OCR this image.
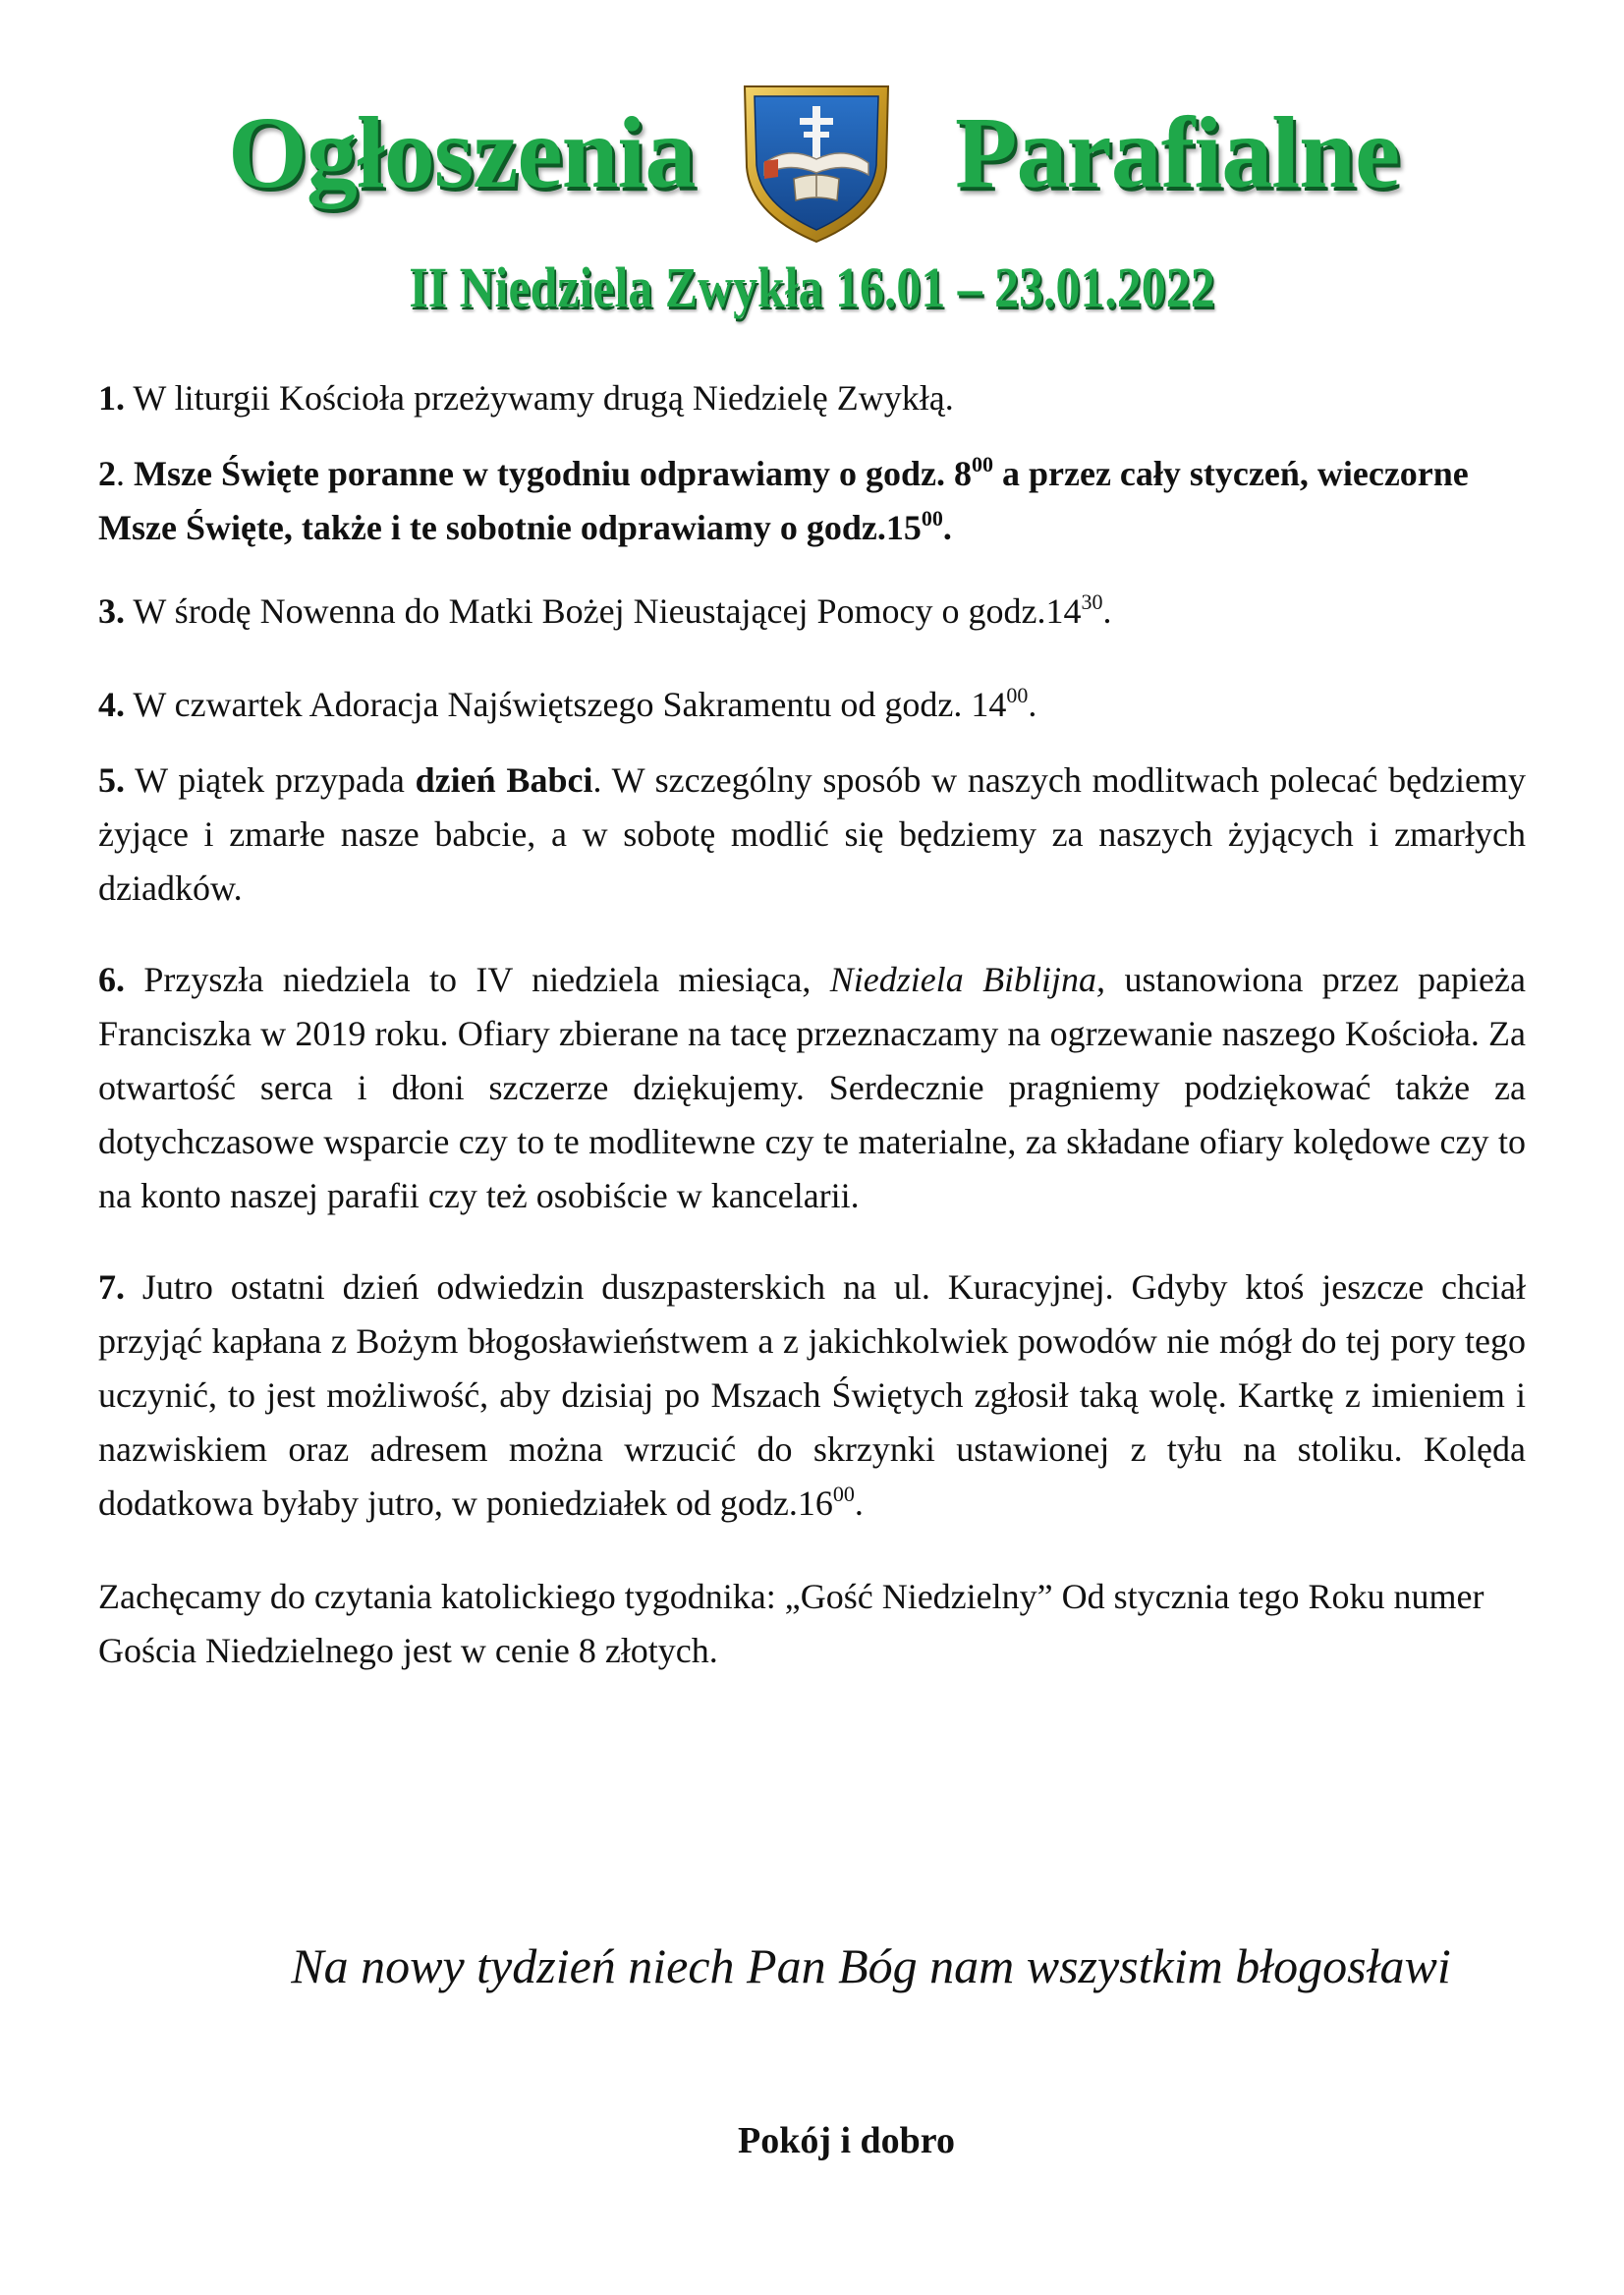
Ogłoszenia	Parafialne
II Niedziela Zwykła 16.01 – 23.01.2022

1. W liturgii Kościoła przeżywamy drugą Niedzielę Zwykłą.

2. Msze Święte poranne w tygodniu odprawiamy o godz. $8^{00}$ a przez cały styczeń, wieczorne Msze Święte, także i te sobotnie odprawiamy o $godz.15^{00}$.

3. W środę Nowenna do Matki Bożej Nieustającej Pomocy o $godz.14^{30}$.

4. W czwartek Adoracja Najświętszego Sakramentu od godz. $14^{00}$.

5. W piątek przypada dzień Babci. W szczególny sposób w naszych modlitwach polecać będziemy żyjące i zmarłe nasze babcie, a w sobotę modlić się będziemy za naszych żyjących i zmarłych dziadków.

6. Przyszła niedziela to IV niedziela miesiąca, Niedziela Biblijna, ustanowiona przez papieża Franciszka w 2019 roku. Ofiary zbierane na tacę przeznaczamy na ogrzewanie naszego Kościoła. Za otwartość serca i dłoni szczerze dziękujemy. Serdecznie pragniemy podziękować także za dotychczasowe wsparcie czy to te modlitewne czy te materialne, za składane ofiary kolędowe czy to na konto naszej parafii czy też osobiście w kancelarii.

7. Jutro ostatni dzień odwiedzin duszpasterskich na ul. Kuracyjnej. Gdyby ktoś jeszcze chciał przyjąć kapłana z Bożym błogosławieństwem a z jakichkolwiek powodów nie mógł do tej pory tego uczynić, to jest możliwość, aby dzisiaj po Mszach Świętych zgłosił taką wolę. Kartkę z imieniem i nazwiskiem oraz adresem można wrzucić do skrzynki ustawionej z tyłu na stoliku. Kolęda dodatkowa byłaby jutro, w poniedziałek od $godz.16^{00}$.

Zachęcamy do czytania katolickiego tygodnika: „Gość Niedzielny” Od stycznia tego Roku numer Gościa Niedzielnego jest w cenie 8 złotych.

Na nowy tydzień niech Pan Bóg nam wszystkim błogosławi
Pokój i dobro
